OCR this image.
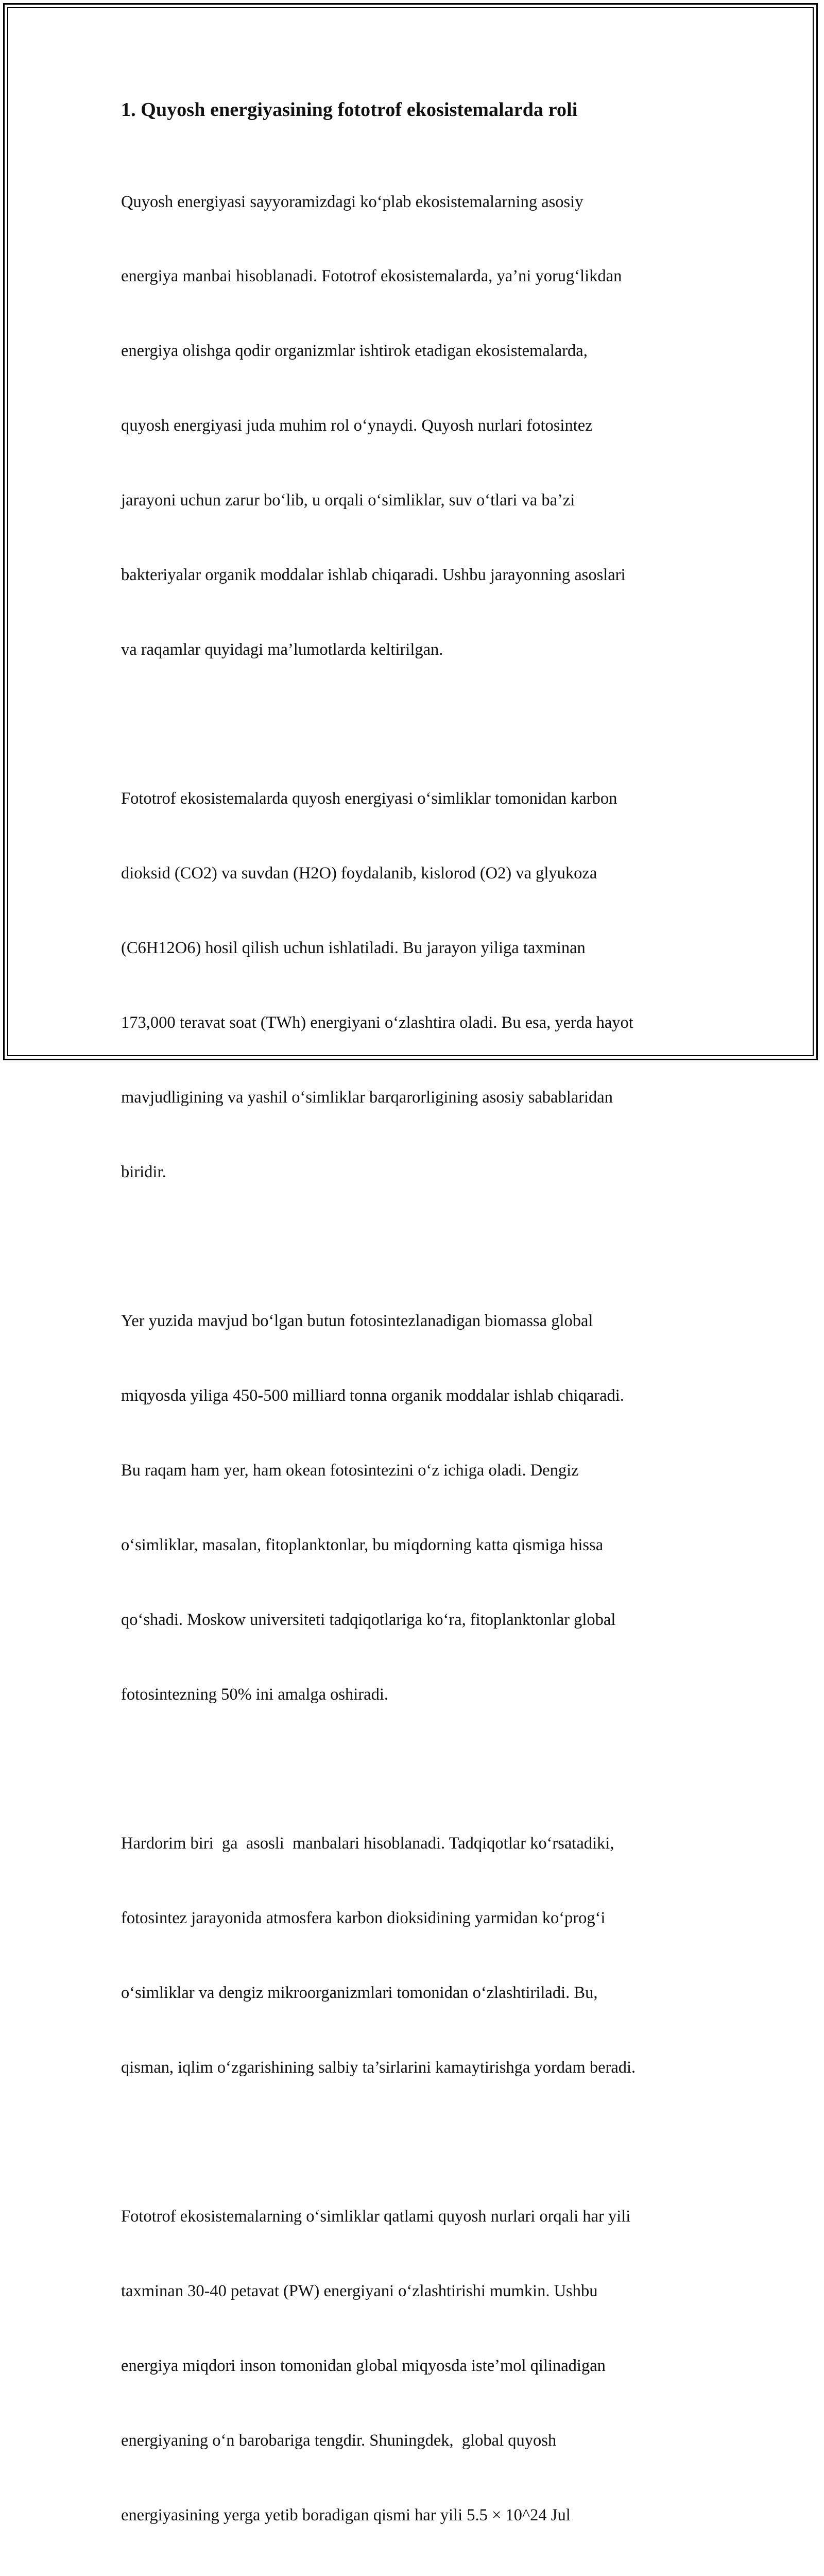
1. Quyosh energiyasining fototrof ekosistemalarda roli

Quyosh energiyasi sayyoramizdagi koʻplab ekosistemalarning asosiy

energiya manbai hisoblanadi. Fototrof ekosistemalarda, ya’ni yorugʻlikdan

energiya olishga qodir organizmlar ishtirok etadigan ekosistemalarda,

quyosh energiyasi juda muhim rol oʻynaydi. Quyosh nurlari fotosintez

jarayoni uchun zarur boʻlib, u orqali oʻsimliklar, suv oʻtlari va ba’zi

bakteriyalar organik moddalar ishlab chiqaradi. Ushbu jarayonning asoslari

va raqamlar quyidagi ma’lumotlarda keltirilgan.

Fototrof ekosistemalarda quyosh energiyasi oʻsimliklar tomonidan karbon

dioksid (CO2) va suvdan (H2O) foydalanib, kislorod (O2) va glyukoza

(C6H12O6) hosil qilish uchun ishlatiladi. Bu jarayon yiliga taxminan

173,000 teravat soat (TWh) energiyani oʻzlashtira oladi. Bu esa, yerda hayot

mavjudligining va yashil oʻsimliklar barqarorligining asosiy sabablaridan

biridir.

Yer yuzida mavjud boʻlgan butun fotosintezlanadigan biomassa global

miqyosda yiliga 450-500 milliard tonna organik moddalar ishlab chiqaradi.

Bu raqam ham yer, ham okean fotosintezini oʻz ichiga oladi. Dengiz

oʻsimliklar, masalan, fitoplanktonlar, bu miqdorning katta qismiga hissa

qoʻshadi. Moskow universiteti tadqiqotlariga koʻra, fitoplanktonlar global

fotosintezning 50% ini amalga oshiradi.

Hardorim biri  ga  asosli  manbalari hisoblanadi. Tadqiqotlar koʻrsatadiki,

fotosintez jarayonida atmosfera karbon dioksidining yarmidan koʻprogʻi

oʻsimliklar va dengiz mikroorganizmlari tomonidan oʻzlashtiriladi. Bu,

qisman, iqlim oʻzgarishining salbiy ta’sirlarini kamaytirishga yordam beradi.

Fototrof ekosistemalarning oʻsimliklar qatlami quyosh nurlari orqali har yili

taxminan 30-40 petavat (PW) energiyani oʻzlashtirishi mumkin. Ushbu

energiya miqdori inson tomonidan global miqyosda iste’mol qilinadigan

energiyaning oʻn barobariga tengdir. Shuningdek,  global quyosh

energiyasining yerga yetib boradigan qismi har yili 5.5 × 10^24 Jul
